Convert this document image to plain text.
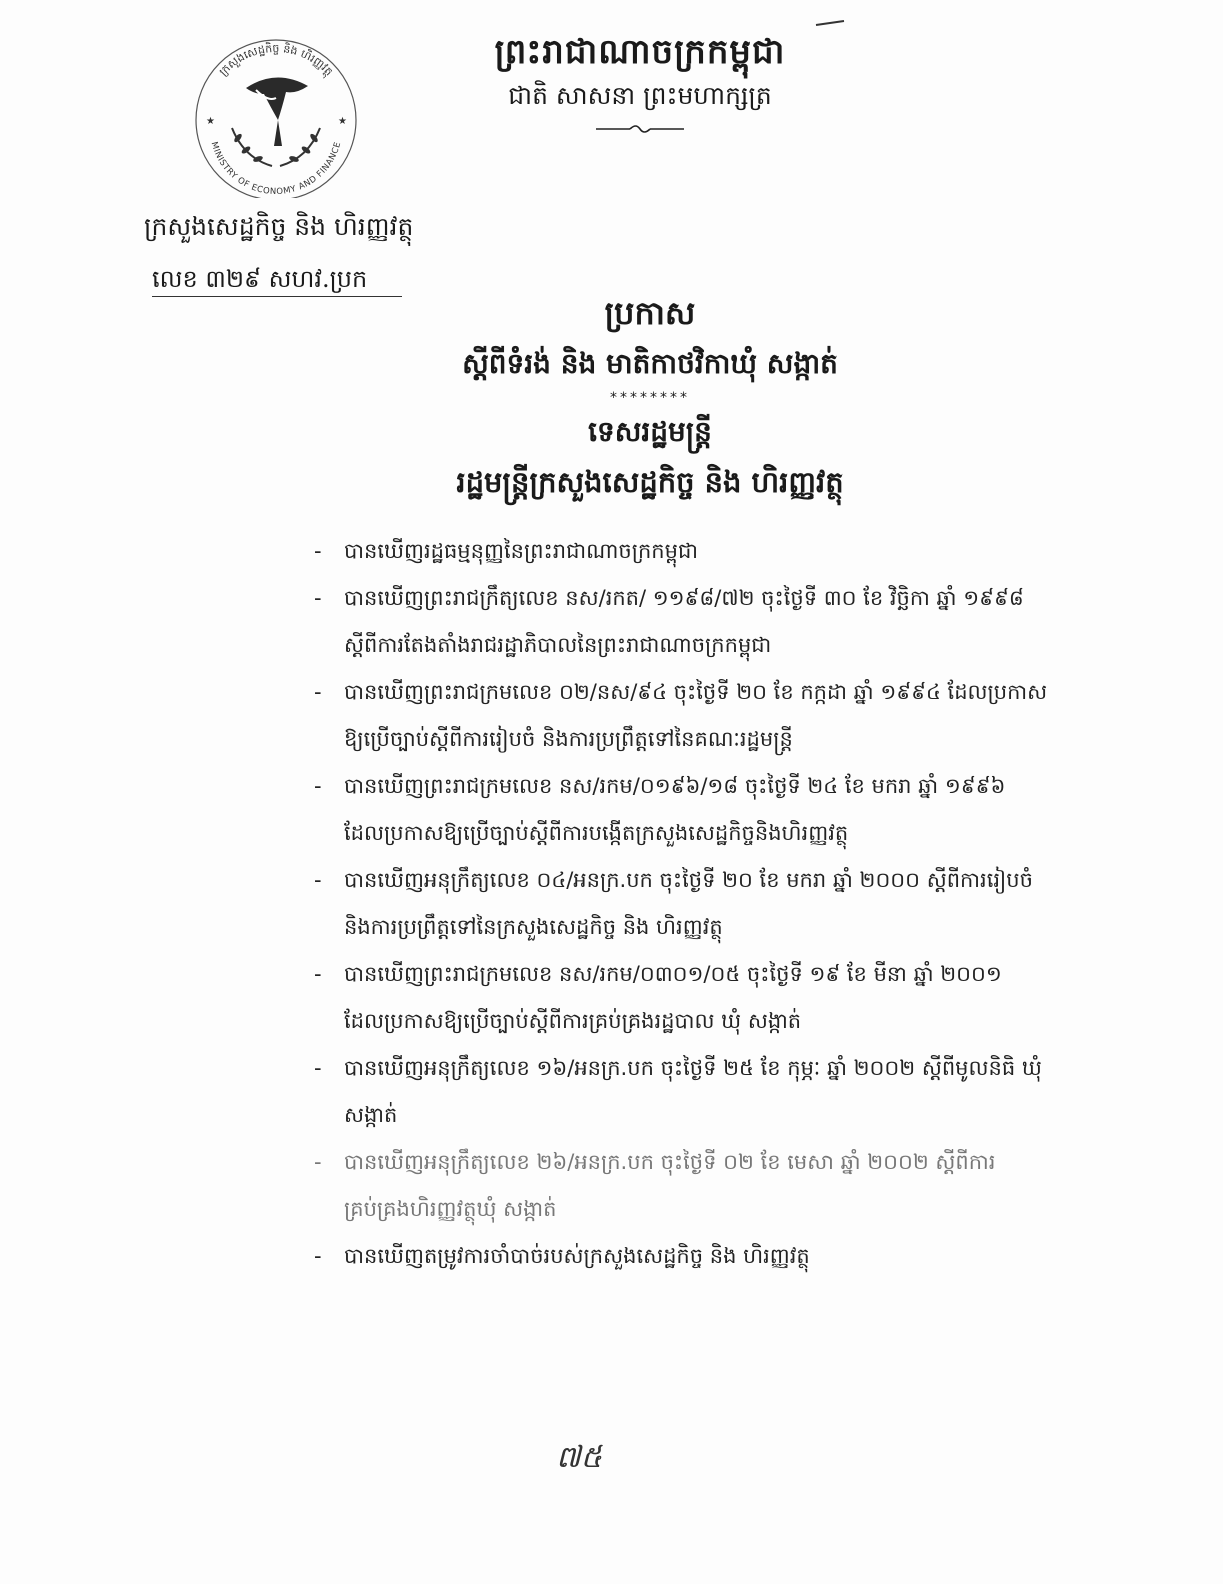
ក្រសួងសេដ្ឋកិច្ច និង ហិរញ្ញវត្ថុ
MINISTRY OF ECONOMY AND FINANCE
★	★
ព្រះរាជាណាចក្រកម្ពុជា
ជាតិ សាសនា ព្រះមហាក្សត្រ
ក្រសួងសេដ្ឋកិច្ច និង ហិរញ្ញវត្ថុ
លេខ ៣២៩ សហវ.ប្រក
ប្រកាស
ស្តីពីទំរង់ និង មាតិកាថវិកាឃុំ សង្កាត់
********
ទេសរដ្ឋមន្ត្រី
រដ្ឋមន្ត្រីក្រសួងសេដ្ឋកិច្ច និង ហិរញ្ញវត្ថុ
- បានឃើញរដ្ឋធម្មនុញ្ញនៃព្រះរាជាណាចក្រកម្ពុជា
- បានឃើញព្រះរាជក្រឹត្យលេខ នស/រកត/ ១១៩៨/៧២ ចុះថ្ងៃទី ៣០ ខែ វិច្ឆិកា ឆ្នាំ ១៩៩៨
ស្តីពីការតែងតាំងរាជរដ្ឋាភិបាលនៃព្រះរាជាណាចក្រកម្ពុជា
- បានឃើញព្រះរាជក្រមលេខ ០២/នស/៩៤ ចុះថ្ងៃទី ២០ ខែ កក្កដា ឆ្នាំ ១៩៩៤ ដែលប្រកាស
ឱ្យប្រើច្បាប់ស្តីពីការរៀបចំ និងការប្រព្រឹត្តទៅនៃគណៈរដ្ឋមន្ត្រី
- បានឃើញព្រះរាជក្រមលេខ នស/រកម/០១៩៦/១៨ ចុះថ្ងៃទី ២៤ ខែ មករា ឆ្នាំ ១៩៩៦
ដែលប្រកាសឱ្យប្រើច្បាប់ស្តីពីការបង្កើតក្រសួងសេដ្ឋកិច្ចនិងហិរញ្ញវត្ថុ
- បានឃើញអនុក្រឹត្យលេខ ០៤/អនក្រ.បក ចុះថ្ងៃទី ២០ ខែ មករា ឆ្នាំ ២០០០ ស្តីពីការរៀបចំ
និងការប្រព្រឹត្តទៅនៃក្រសួងសេដ្ឋកិច្ច និង ហិរញ្ញវត្ថុ
- បានឃើញព្រះរាជក្រមលេខ នស/រកម/០៣០១/០៥ ចុះថ្ងៃទី ១៩ ខែ មីនា ឆ្នាំ ២០០១
ដែលប្រកាសឱ្យប្រើច្បាប់ស្តីពីការគ្រប់គ្រងរដ្ឋបាល ឃុំ សង្កាត់
- បានឃើញអនុក្រឹត្យលេខ ១៦/អនក្រ.បក ចុះថ្ងៃទី ២៥ ខែ កុម្ភៈ ឆ្នាំ ២០០២ ស្តីពីមូលនិធិ ឃុំ
សង្កាត់
- បានឃើញអនុក្រឹត្យលេខ ២៦/អនក្រ.បក ចុះថ្ងៃទី ០២ ខែ មេសា ឆ្នាំ ២០០២ ស្តីពីការ
គ្រប់គ្រងហិរញ្ញវត្ថុឃុំ សង្កាត់
- បានឃើញតម្រូវការចាំបាច់របស់ក្រសួងសេដ្ឋកិច្ច និង ហិរញ្ញវត្ថុ
៧៥
